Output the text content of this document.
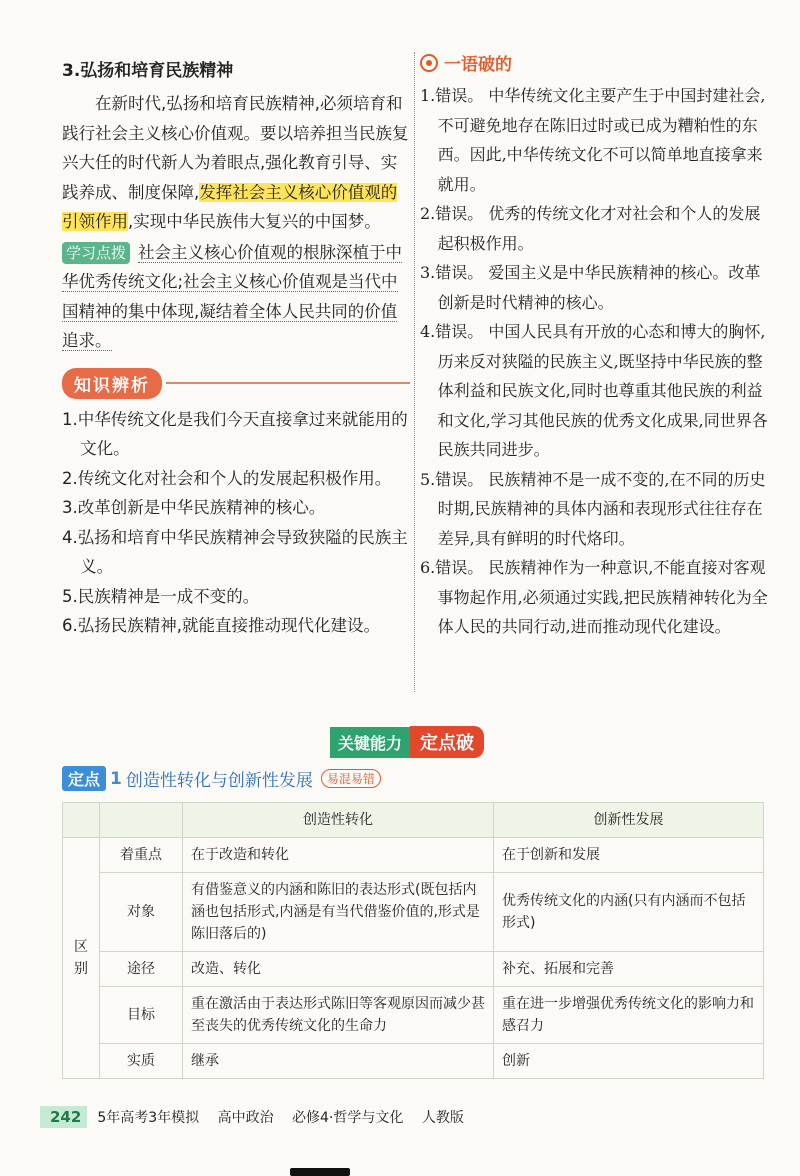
3.弘扬和培育民族精神

在新时代,弘扬和培育民族精神,必须培育和践行社会主义核心价值观。要以培养担当民族复兴大任的时代新人为着眼点,强化教育引导、实践养成、制度保障,发挥社会主义核心价值观的引领作用,实现中华民族伟大复兴的中国梦。

学习点拨 社会主义核心价值观的根脉深植于中华优秀传统文化;社会主义核心价值观是当代中国精神的集中体现,凝结着全体人民共同的价值追求。
知识辨析
1.中华传统文化是我们今天直接拿过来就能用的文化。
2.传统文化对社会和个人的发展起积极作用。
3.改革创新是中华民族精神的核心。
4.弘扬和培育中华民族精神会导致狭隘的民族主义。
5.民族精神是一成不变的。
6.弘扬民族精神,就能直接推动现代化建设。
一语破的
1.错误。 中华传统文化主要产生于中国封建社会,不可避免地存在陈旧过时或已成为糟粕性的东西。因此,中华传统文化不可以简单地直接拿来就用。
2.错误。 优秀的传统文化才对社会和个人的发展起积极作用。
3.错误。 爱国主义是中华民族精神的核心。改革创新是时代精神的核心。
4.错误。 中国人民具有开放的心态和博大的胸怀,历来反对狭隘的民族主义,既坚持中华民族的整体利益和民族文化,同时也尊重其他民族的利益和文化,学习其他民族的优秀文化成果,同世界各民族共同进步。
5.错误。 民族精神不是一成不变的,在不同的历史时期,民族精神的具体内涵和表现形式往往存在差异,具有鲜明的时代烙印。
6.错误。 民族精神作为一种意识,不能直接对客观事物起作用,必须通过实践,把民族精神转化为全体人民的共同行动,进而推动现代化建设。
关键能力	定点破
定点 1 创造性转化与创新性发展	易混易错
		创造性转化	创新性发展
区别	着重点	在于改造和转化	在于创新和发展
	对象	有借鉴意义的内涵和陈旧的表达形式(既包括内涵也包括形式,内涵是有当代借鉴价值的,形式是陈旧落后的)	优秀传统文化的内涵(只有内涵而不包括形式)
	途径	改造、转化	补充、拓展和完善
	目标	重在激活由于表达形式陈旧等客观原因而减少甚至丧失的优秀传统文化的生命力	重在进一步增强优秀传统文化的影响力和感召力
	实质	继承	创新
242	5年高考3年模拟 高中政治 必修4·哲学与文化 人教版
